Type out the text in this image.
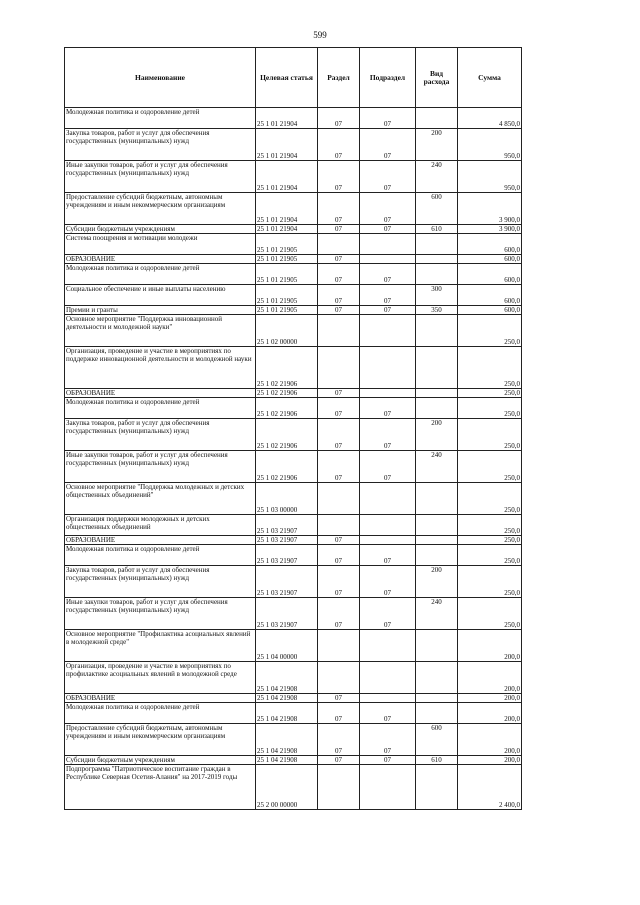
599
Наименование	Целевая статья	Раздел	Подраздел	Вид расхода	Сумма
Молодежная политика и оздоровление детей	25 1 01 21904	07	07		4 850,0
Закупка товаров, работ и услуг для обеспечения государственных (муниципальных) нужд	25 1 01 21904	07	07	200	950,0
Иные закупки товаров, работ и услуг для обеспечения государственных (муниципальных) нужд	25 1 01 21904	07	07	240	950,0
Предоставление субсидий бюджетным, автономным учреждениям и иным некоммерческим организациям	25 1 01 21904	07	07	600	3 900,0
Субсидии бюджетным учреждениям	25 1 01 21904	07	07	610	3 900,0
Система поощрения и мотивации молодежи	25 1 01 21905				600,0
ОБРАЗОВАНИЕ	25 1 01 21905	07			600,0
Молодежная политика и оздоровление детей	25 1 01 21905	07	07		600,0
Социальное обеспечение и иные выплаты населению	25 1 01 21905	07	07	300	600,0
Премии и гранты	25 1 01 21905	07	07	350	600,0
Основное мероприятие "Поддержка инновационной деятельности и молодежной науки"	25 1 02 00000				250,0
Организация, проведение и участие в мероприятиях по поддержке инновационной деятельности и молодежной науки	25 1 02 21906				250,0
ОБРАЗОВАНИЕ	25 1 02 21906	07			250,0
Молодежная политика и оздоровление детей	25 1 02 21906	07	07		250,0
Закупка товаров, работ и услуг для обеспечения государственных (муниципальных) нужд	25 1 02 21906	07	07	200	250,0
Иные закупки товаров, работ и услуг для обеспечения государственных (муниципальных) нужд	25 1 02 21906	07	07	240	250,0
Основное мероприятие "Поддержка молодежных и детских общественных объединений"	25 1 03 00000				250,0
Организация поддержки молодежных и детских общественных объединений	25 1 03 21907				250,0
ОБРАЗОВАНИЕ	25 1 03 21907	07			250,0
Молодежная политика и оздоровление детей	25 1 03 21907	07	07		250,0
Закупка товаров, работ и услуг для обеспечения государственных (муниципальных) нужд	25 1 03 21907	07	07	200	250,0
Иные закупки товаров, работ и услуг для обеспечения государственных (муниципальных) нужд	25 1 03 21907	07	07	240	250,0
Основное мероприятие "Профилактика асоциальных явлений в молодежной среде"	25 1 04 00000				200,0
Организация, проведение и участие в мероприятиях по профилактике асоциальных явлений в молодежной среде	25 1 04 21908				200,0
ОБРАЗОВАНИЕ	25 1 04 21908	07			200,0
Молодежная политика и оздоровление детей	25 1 04 21908	07	07		200,0
Предоставление субсидий бюджетным, автономным учреждениям и иным некоммерческим организациям	25 1 04 21908	07	07	600	200,0
Субсидии бюджетным учреждениям	25 1 04 21908	07	07	610	200,0
Подпрограмма "Патриотическое воспитание граждан в Республике Северная Осетия-Алания" на 2017-2019 годы	25 2 00 00000				2 400,0
